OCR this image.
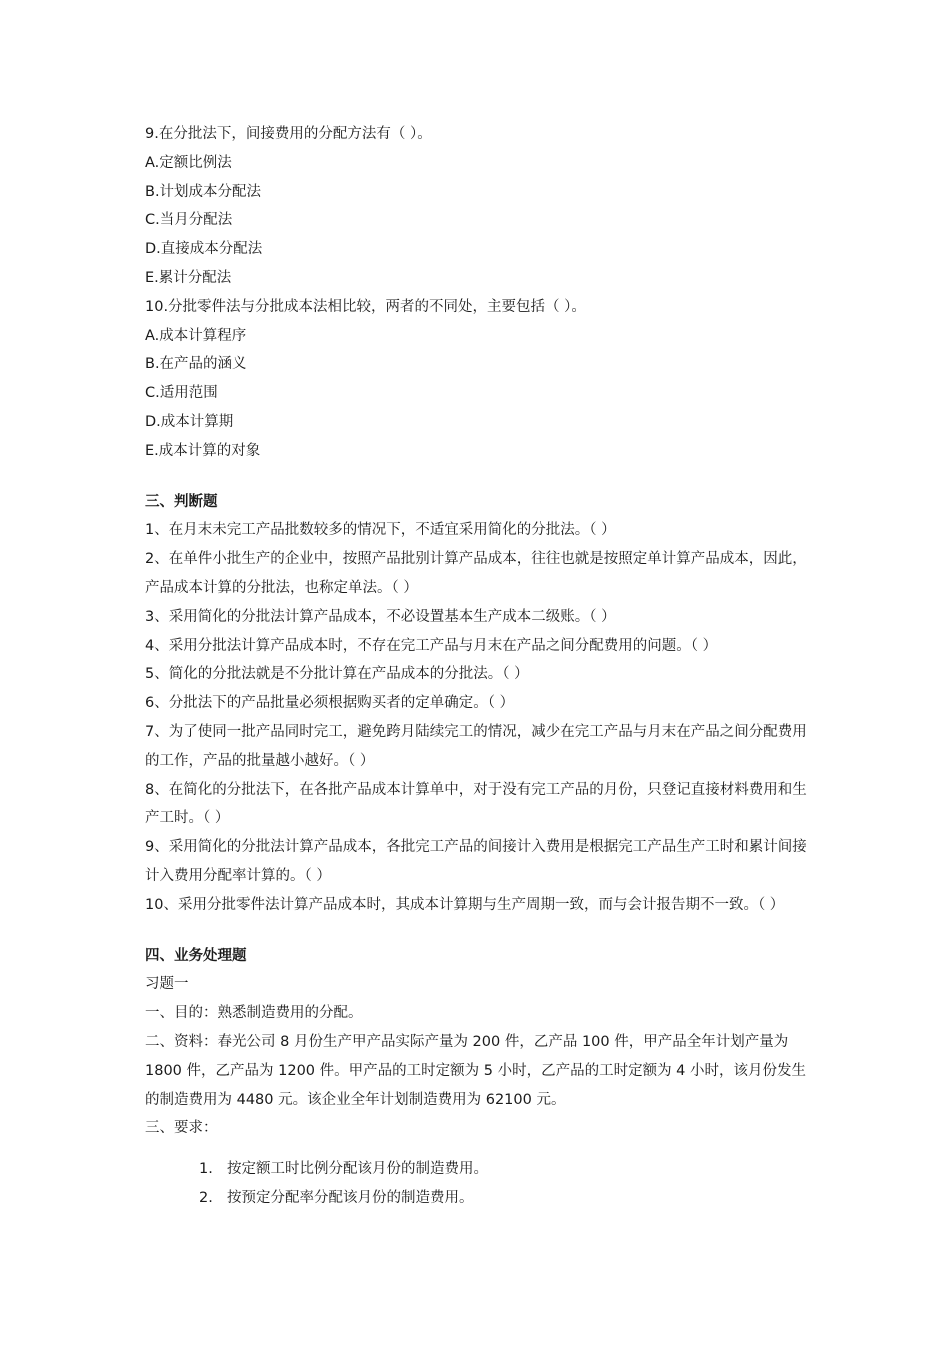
9.在分批法下，间接费用的分配方法有（ ）。
A.定额比例法
B.计划成本分配法
C.当月分配法
D.直接成本分配法
E.累计分配法
10.分批零件法与分批成本法相比较，两者的不同处，主要包括（ ）。
A.成本计算程序
B.在产品的涵义
C.适用范围
D.成本计算期
E.成本计算的对象
三、判断题
1、在月末未完工产品批数较多的情况下，不适宜采用简化的分批法。（ ）
2、在单件小批生产的企业中，按照产品批别计算产品成本，往往也就是按照定单计算产品成本，因此，产品成本计算的分批法，也称定单法。（ ）
3、采用简化的分批法计算产品成本，不必设置基本生产成本二级账。（ ）
4、采用分批法计算产品成本时，不存在完工产品与月末在产品之间分配费用的问题。（ ）
5、简化的分批法就是不分批计算在产品成本的分批法。（ ）
6、分批法下的产品批量必须根据购买者的定单确定。（ ）
7、为了使同一批产品同时完工，避免跨月陆续完工的情况，减少在完工产品与月末在产品之间分配费用的工作，产品的批量越小越好。（ ）
8、在简化的分批法下，在各批产品成本计算单中，对于没有完工产品的月份，只登记直接材料费用和生产工时。（ ）
9、采用简化的分批法计算产品成本，各批完工产品的间接计入费用是根据完工产品生产工时和累计间接计入费用分配率计算的。（ ）
10、采用分批零件法计算产品成本时，其成本计算期与生产周期一致，而与会计报告期不一致。（ ）
四、业务处理题
习题一
一、目的：熟悉制造费用的分配。
二、资料：春光公司 8 月份生产甲产品实际产量为 200 件，乙产品 100 件，甲产品全年计划产量为 1800 件，乙产品为 1200 件。甲产品的工时定额为 5 小时，乙产品的工时定额为 4 小时，该月份发生的制造费用为 4480 元。该企业全年计划制造费用为 62100 元。
三、要求：
1. 按定额工时比例分配该月份的制造费用。
2. 按预定分配率分配该月份的制造费用。
